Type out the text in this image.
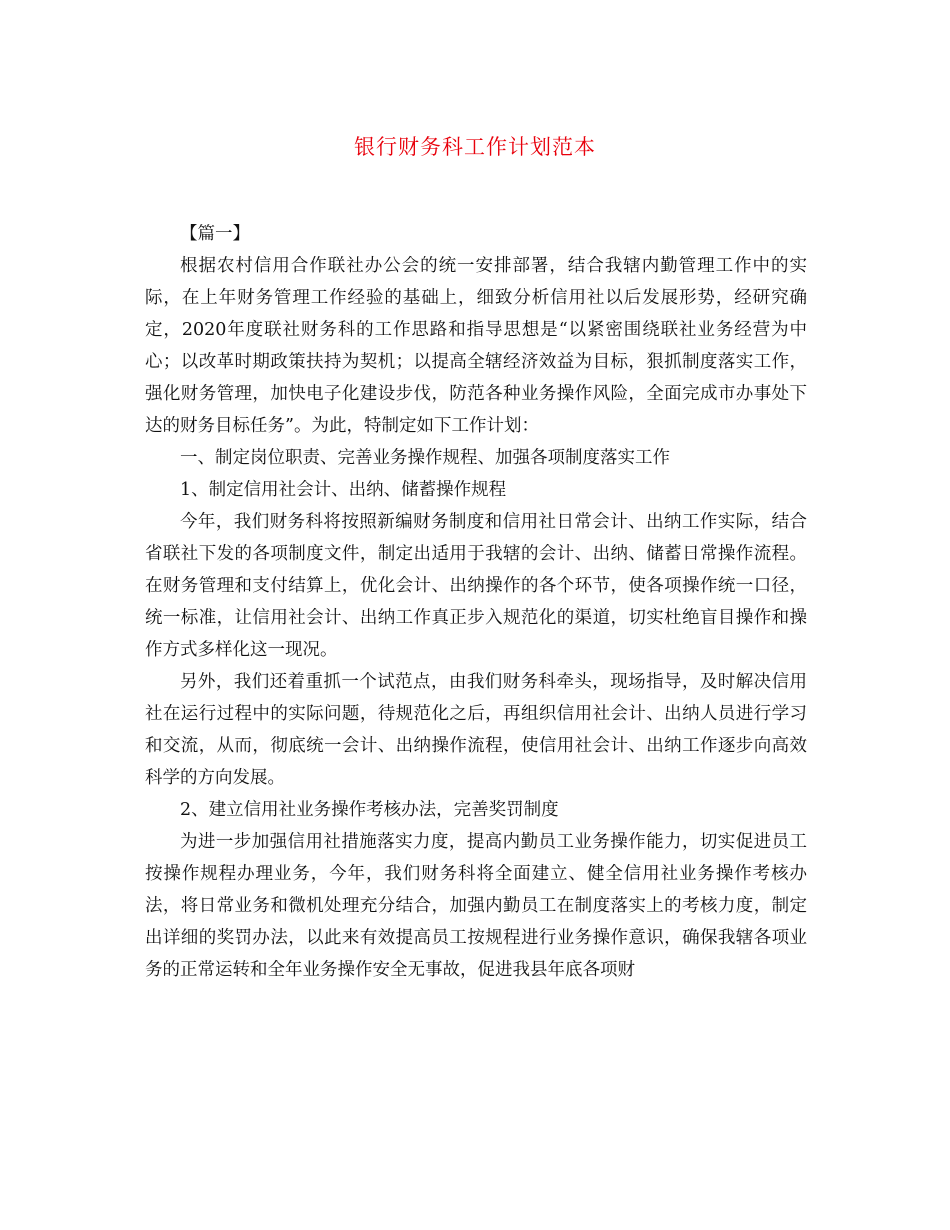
银行财务科工作计划范本

【篇一】

根据农村信用合作联社办公会的统一安排部署，结合我辖内勤管理工作中的实际，在上年财务管理工作经验的基础上，细致分析信用社以后发展形势，经研究确定，2020年度联社财务科的工作思路和指导思想是“以紧密围绕联社业务经营为中心；以改革时期政策扶持为契机；以提高全辖经济效益为目标，狠抓制度落实工作，强化财务管理，加快电子化建设步伐，防范各种业务操作风险，全面完成市办事处下达的财务目标任务”。为此，特制定如下工作计划：

一、制定岗位职责、完善业务操作规程、加强各项制度落实工作

1、制定信用社会计、出纳、储蓄操作规程

今年，我们财务科将按照新编财务制度和信用社日常会计、出纳工作实际，结合省联社下发的各项制度文件，制定出适用于我辖的会计、出纳、储蓄日常操作流程。在财务管理和支付结算上，优化会计、出纳操作的各个环节，使各项操作统一口径，统一标准，让信用社会计、出纳工作真正步入规范化的渠道，切实杜绝盲目操作和操作方式多样化这一现况。

另外，我们还着重抓一个试范点，由我们财务科牵头，现场指导，及时解决信用社在运行过程中的实际问题，待规范化之后，再组织信用社会计、出纳人员进行学习和交流，从而，彻底统一会计、出纳操作流程，使信用社会计、出纳工作逐步向高效科学的方向发展。

2、建立信用社业务操作考核办法，完善奖罚制度

为进一步加强信用社措施落实力度，提高内勤员工业务操作能力，切实促进员工按操作规程办理业务，今年，我们财务科将全面建立、健全信用社业务操作考核办法，将日常业务和微机处理充分结合，加强内勤员工在制度落实上的考核力度，制定出详细的奖罚办法，以此来有效提高员工按规程进行业务操作意识，确保我辖各项业务的正常运转和全年业务操作安全无事故，促进我县年底各项财
